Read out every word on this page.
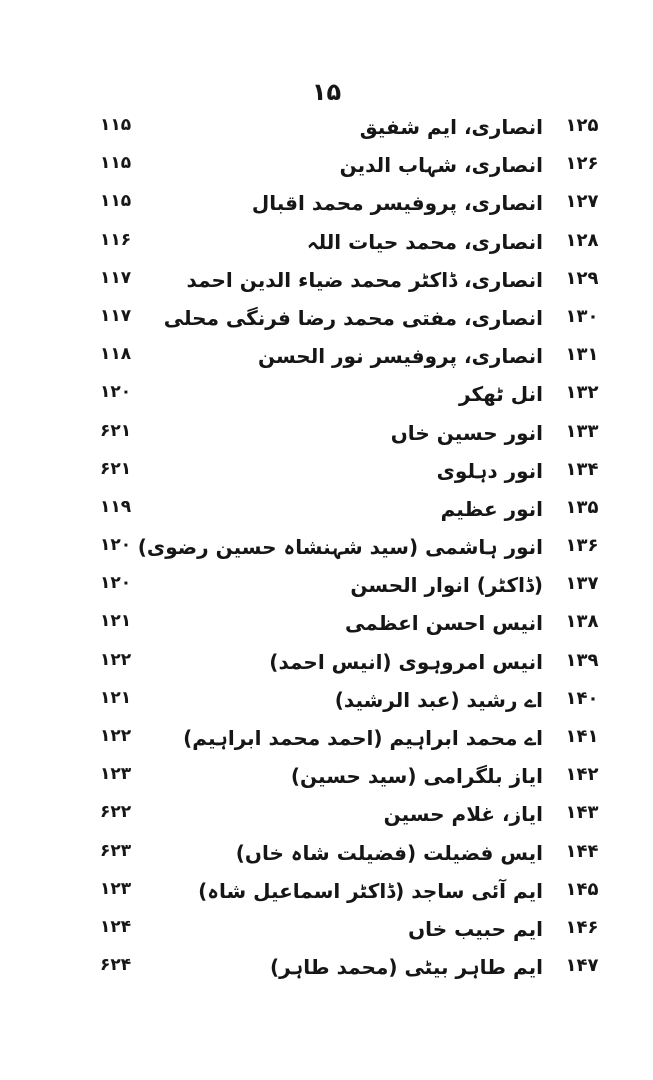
۱۵
۱۲۵
انصاری، ایم شفیق
۱۱۵
۱۲۶
انصاری، شہاب الدین
۱۱۵
۱۲۷
انصاری، پروفیسر محمد اقبال
۱۱۵
۱۲۸
انصاری، محمد حیات اللہ
۱۱۶
۱۲۹
انصاری، ڈاکٹر محمد ضیاء الدین احمد
۱۱۷
۱۳۰
انصاری، مفتی محمد رضا فرنگی محلی
۱۱۷
۱۳۱
انصاری، پروفیسر نور الحسن
۱۱۸
۱۳۲
انل ٹھکر
۱۲۰
۱۳۳
انور حسین خاں
۶۲۱
۱۳۴
انور دہلوی
۶۲۱
۱۳۵
انور عظیم
۱۱۹
۱۳۶
انور ہاشمی (سید شہنشاہ حسین رضوی)
۱۲۰
۱۳۷
(ڈاکٹر) انوار الحسن
۱۲۰
۱۳۸
انیس احسن اعظمی
۱۲۱
۱۳۹
انیس امروہوی (انیس احمد)
۱۲۲
۱۴۰
اے رشید (عبد الرشید)
۱۲۱
۱۴۱
اے محمد ابراہیم (احمد محمد ابراہیم)
۱۲۲
۱۴۲
ایاز بلگرامی (سید حسین)
۱۲۳
۱۴۳
ایاز، غلام حسین
۶۲۲
۱۴۴
ایس فضیلت (فضیلت شاہ خاں)
۶۲۳
۱۴۵
ایم آئی ساجد (ڈاکٹر اسماعیل شاہ)
۱۲۳
۱۴۶
ایم حبیب خاں
۱۲۴
۱۴۷
ایم طاہر بیٹی (محمد طاہر)
۶۲۴
